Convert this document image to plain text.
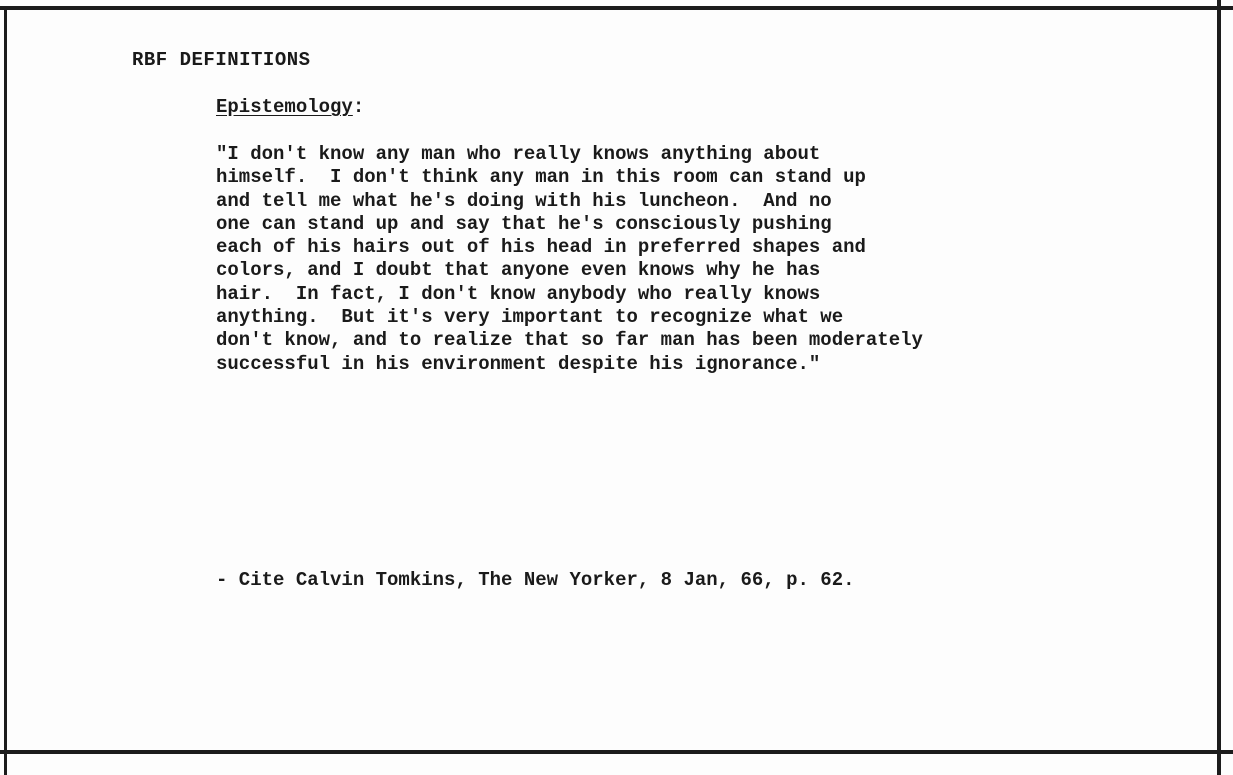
RBF DEFINITIONS
Epistemology:
"I don't know any man who really knows anything about
himself.  I don't think any man in this room can stand up
and tell me what he's doing with his luncheon.  And no
one can stand up and say that he's consciously pushing
each of his hairs out of his head in preferred shapes and
colors, and I doubt that anyone even knows why he has
hair.  In fact, I don't know anybody who really knows
anything.  But it's very important to recognize what we
don't know, and to realize that so far man has been moderately
successful in his environment despite his ignorance."
- Cite Calvin Tomkins, The New Yorker, 8 Jan, 66, p. 62.
